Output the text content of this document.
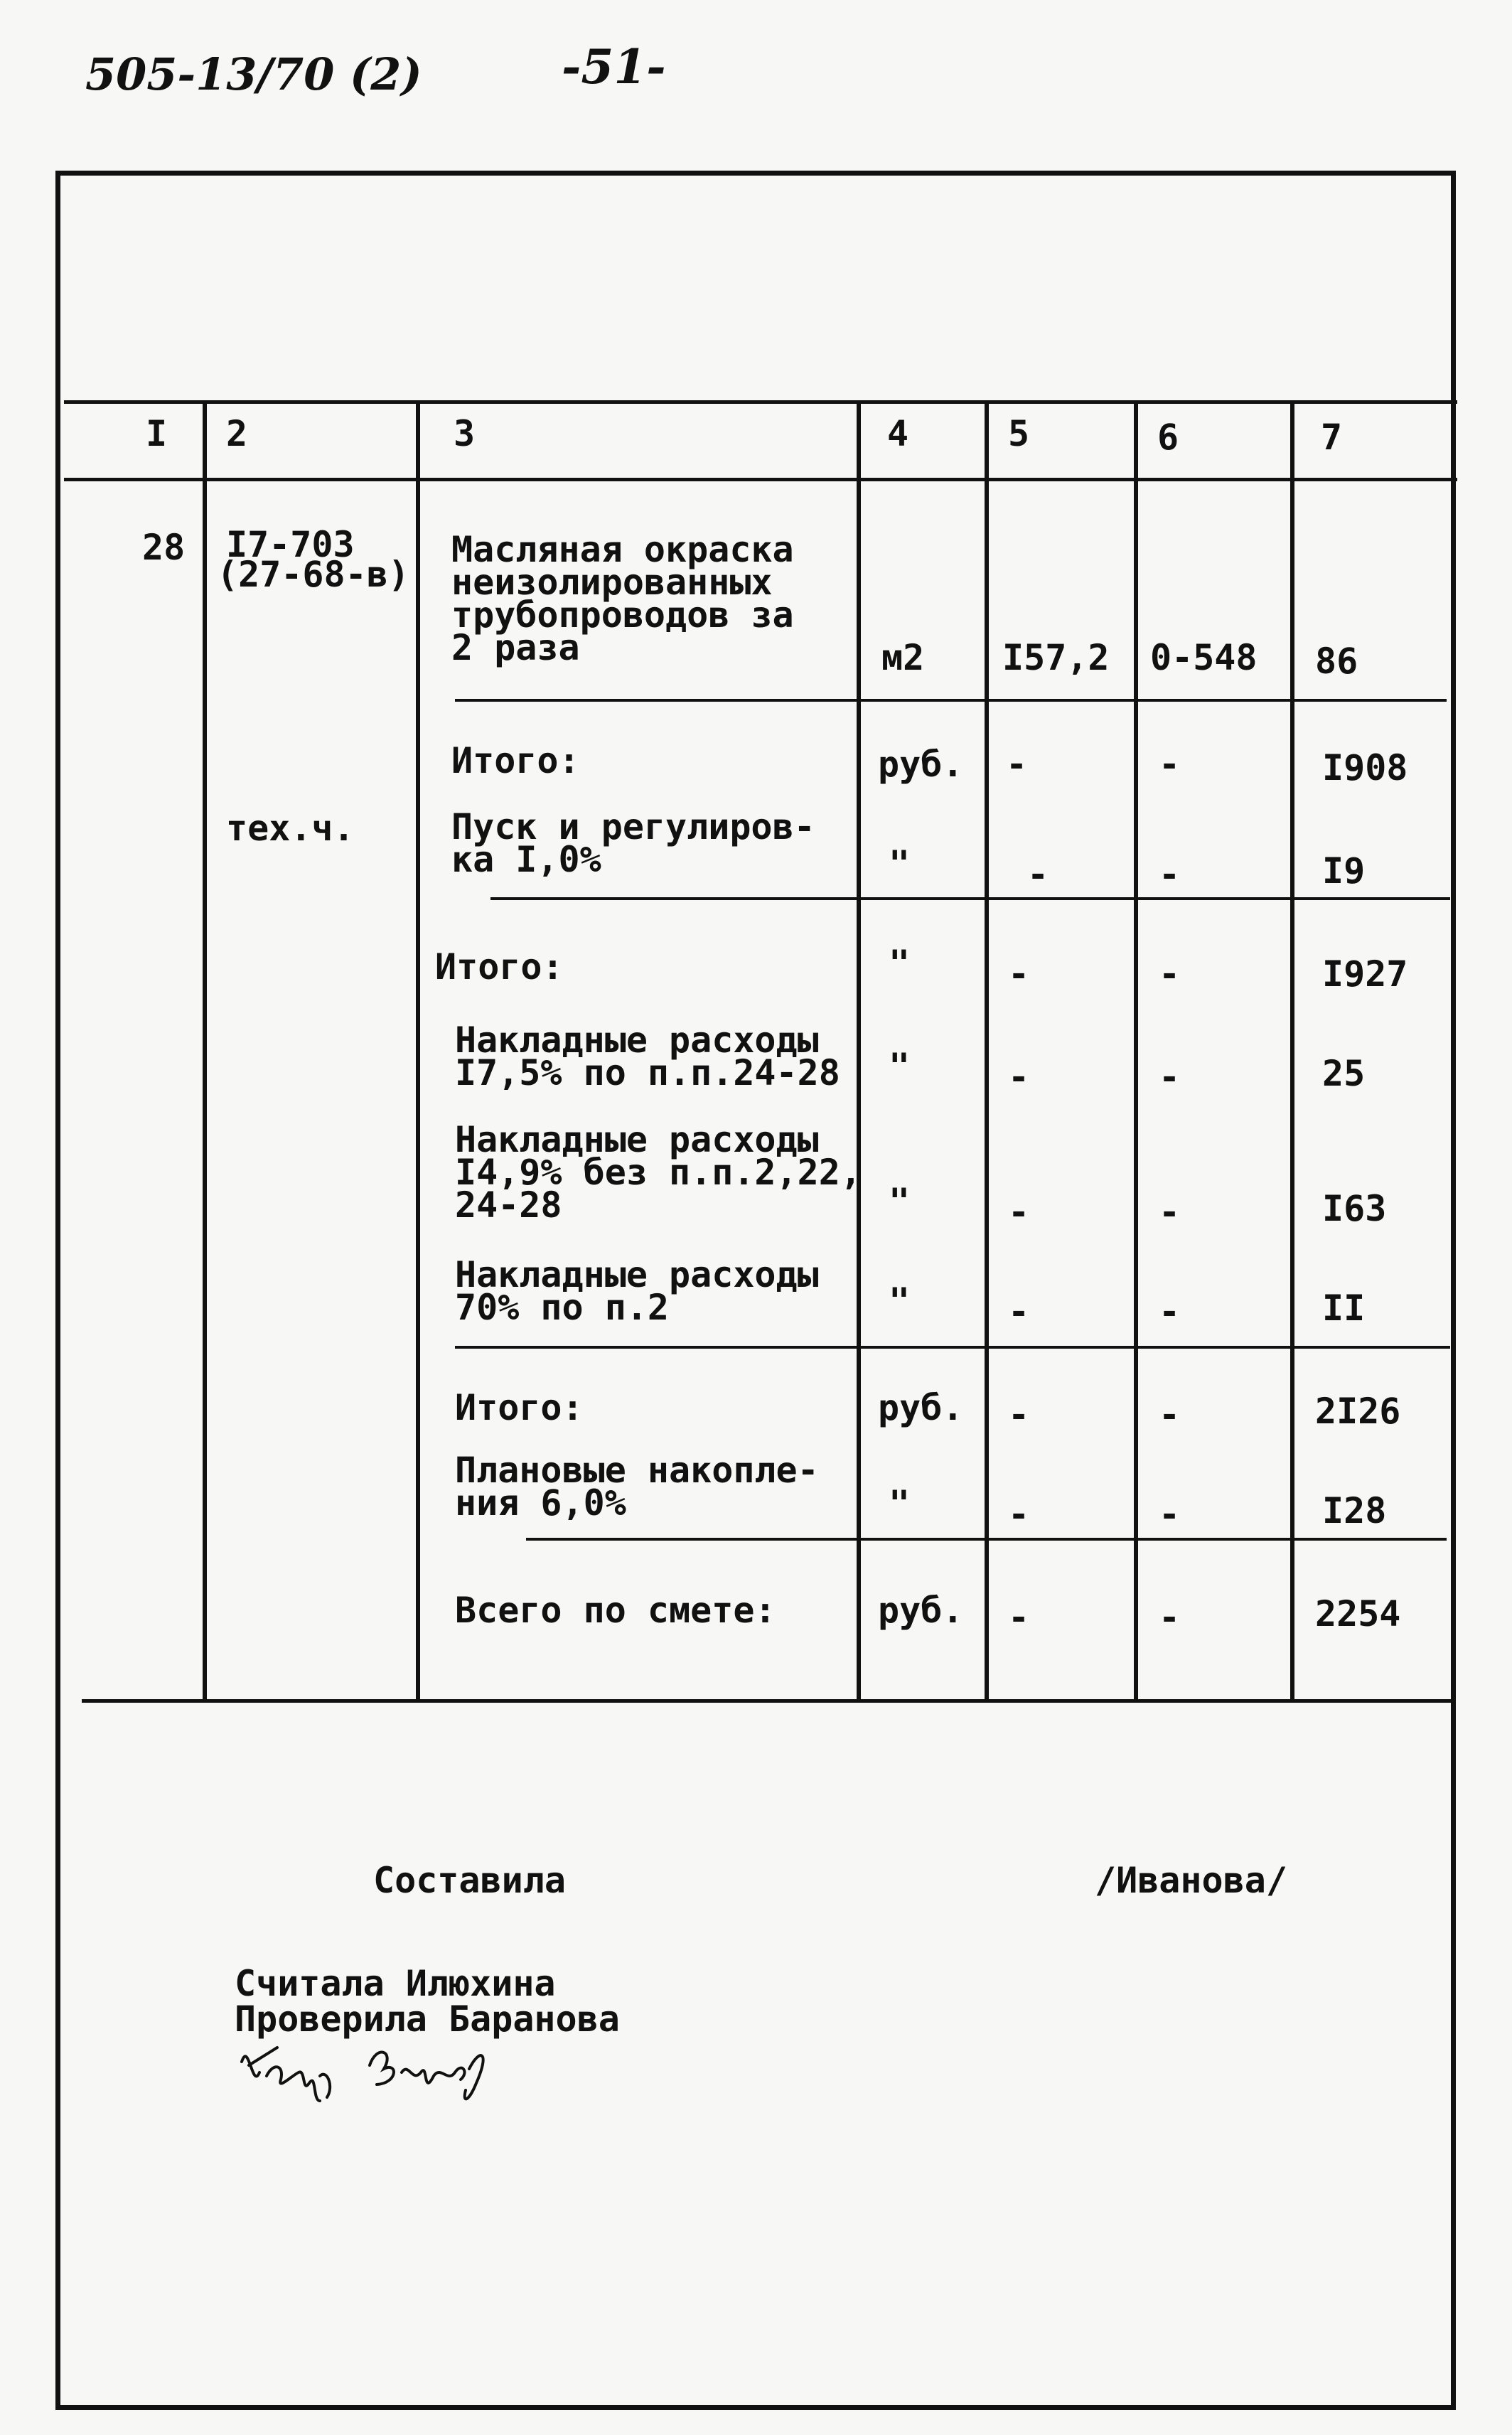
505-13/70 (2)	-51-
I 2	3	4	5	6	7
28 I7-703
(27-68-в)
тех.ч.
Масляная окраска
неизолированных
трубопроводов за
2 раза	м2 I57,2 0-548 86
Итого:	руб. -	-	I908
Пуск и регулиров-
ка I,0%	"	-	-	I9
Итого:	"	-	-	I927
Накладные расходы
I7,5% по п.п.24-28 "	-	-	25
Накладные расходы
I4,9% без п.п.2,22,
24-28	"	-	-	I63
Накладные расходы
70% по п.2	"	-	-	II
Итого:	руб. -	-	2I26
Плановые накопле-
ния 6,0%	"	-	-	I28
Всего по смете:	руб. -	-	2254
Составила	/Иванова/
Считала Илюхина
Проверила Баранова
